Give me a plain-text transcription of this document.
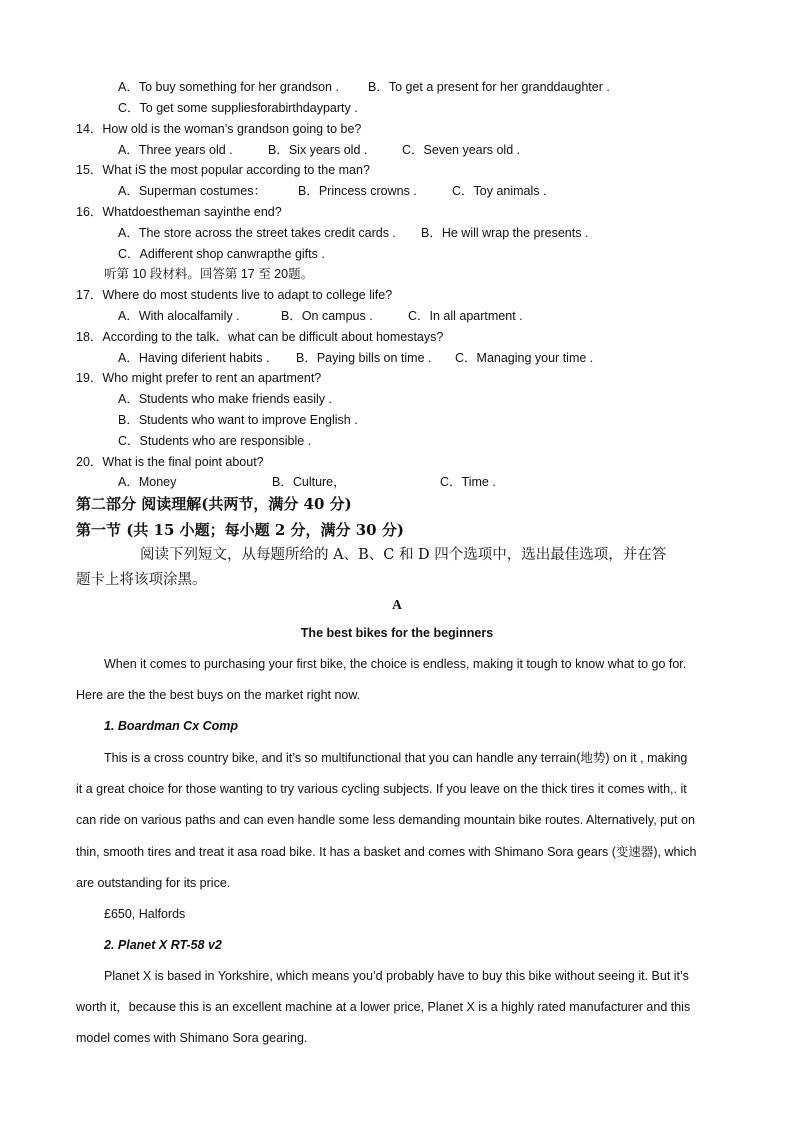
A．To buy something for her grandson . B．To get a present for her granddaughter .
C．To get some suppliesforabirthdayparty .
14．How old is the woman’s grandson going to be?
A．Three years old .	B．Six years old .	C．Seven years old .
15．What iS the most popular according to the man?
A．Superman costumes：	B．Princess crowns .	C．Toy animals .
16．Whatdoestheman sayinthe end?
A．The store across the street takes credit cards . B．He will wrap the presents .
C．Adifferent shop canwrapthe gifts .
听第 10 段材料。回答第 17 至 20题。
17．Where do most students live to adapt to college life?
A．With alocalfamily .	B．On campus .	C．In all apartment .
18．According to the talk．what can be difficult about homestays?
A．Having diferient habits . B．Paying bills on time . C．Managing your time .
19．Who might prefer to rent an apartment?
A．Students who make friends easily .
B．Students who want to improve English .
C．Students who are responsible .
20．What is the final point about?
A．Money	B．Culture，	C．Time .
第二部分 阅读理解(共两节，满分 40 分)
第一节 (共 15 小题；每小题 2 分，满分 30 分)
阅读下列短文，从每题所给的 A、B、C 和 D 四个选项中，选出最佳选项，并在答
题卡上将该项涂黑。
A
The best bikes for the beginners
When it comes to purchasing your first bike, the choice is endless, making it tough to know what to go for.
Here are the the best buys on the market right now.
1. Boardman Cx Comp
This is a cross country bike, and it’s so multifunctional that you can handle any terrain(地势) on it , making
it a great choice for those wanting to try various cycling subjects. If you leave on the thick tires it comes with,. it
can ride on various paths and can even handle some less demanding mountain bike routes. Alternatively, put on
thin, smooth tires and treat it asa road bike. It has a basket and comes with Shimano Sora gears (变速器), which
are outstanding for its price.
£650, Halfords
2. Planet X RT-58 v2
Planet X is based in Yorkshire, which means you’d probably have to buy this bike without seeing it. But it’s
worth it，because this is an excellent machine at a lower price, Planet X is a highly rated manufacturer and this
model comes with Shimano Sora gearing.
